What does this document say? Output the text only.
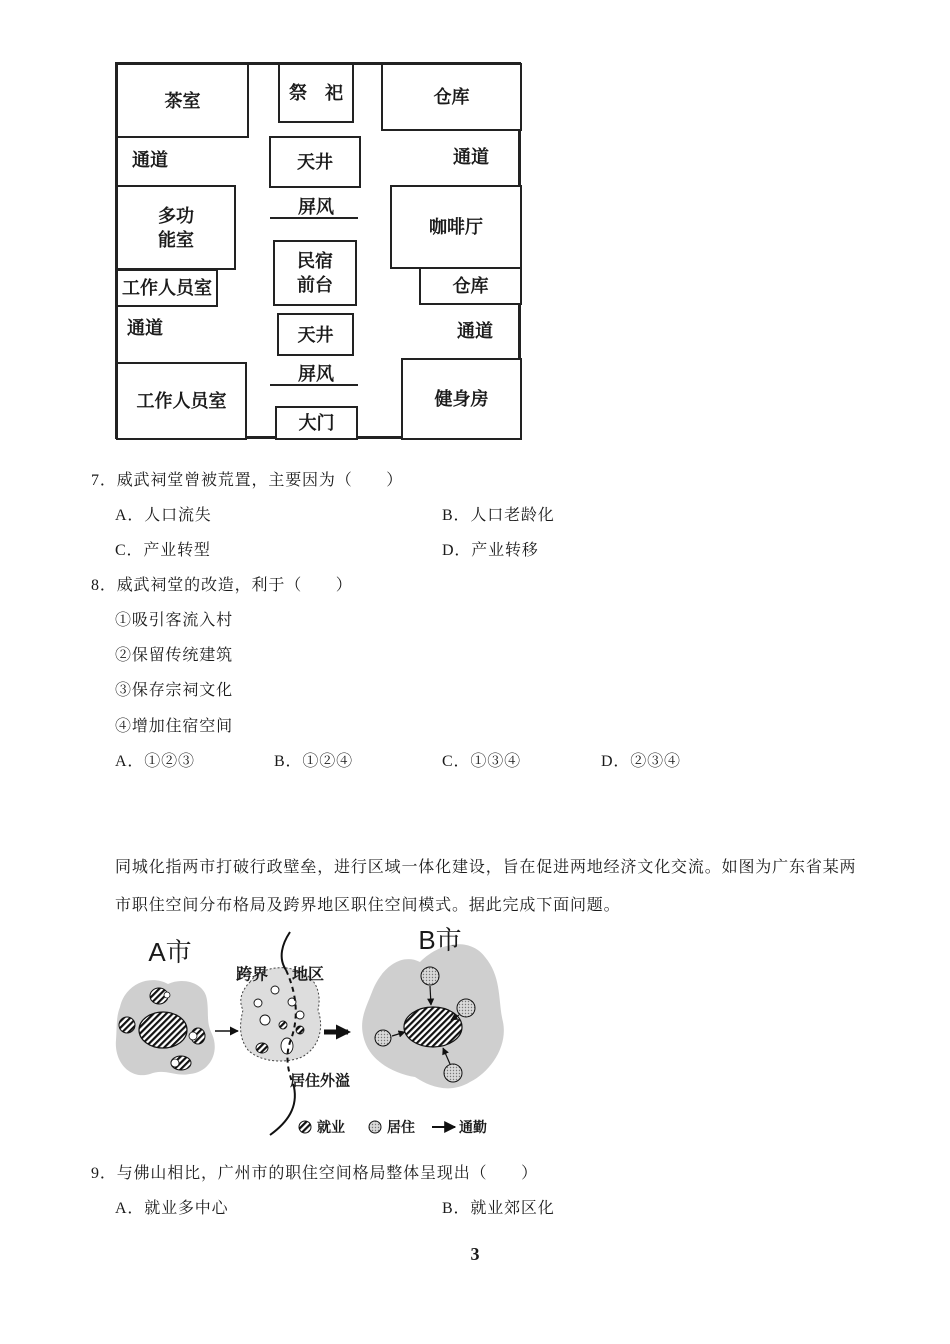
茶室	祭　祀	仓库
通道	天井	通道
屏风
多功
能室
咖啡厅
民宿
前台
工作人员室	仓库
通道	天井	通道
屏风
工作人员室	健身房
大门
7．威武祠堂曾被荒置，主要因为（　　）
A．人口流失	B．人口老龄化
C．产业转型	D．产业转移
8．威武祠堂的改造，利于（　　）
①吸引客流入村
②保留传统建筑
③保存宗祠文化
④增加住宿空间
A．①②③	B．①②④	C．①③④	D．②③④
同城化指两市打破行政壁垒，进行区域一体化建设，旨在促进两地经济文化交流。如图为广东省某两
市职住空间分布格局及跨界地区职住空间模式。据此完成下面问题。
A市
跨界 地区
居住外溢
B市
就业	居住	通勤
9．与佛山相比，广州市的职住空间格局整体呈现出（　　）
A．就业多中心	B．就业郊区化
3
